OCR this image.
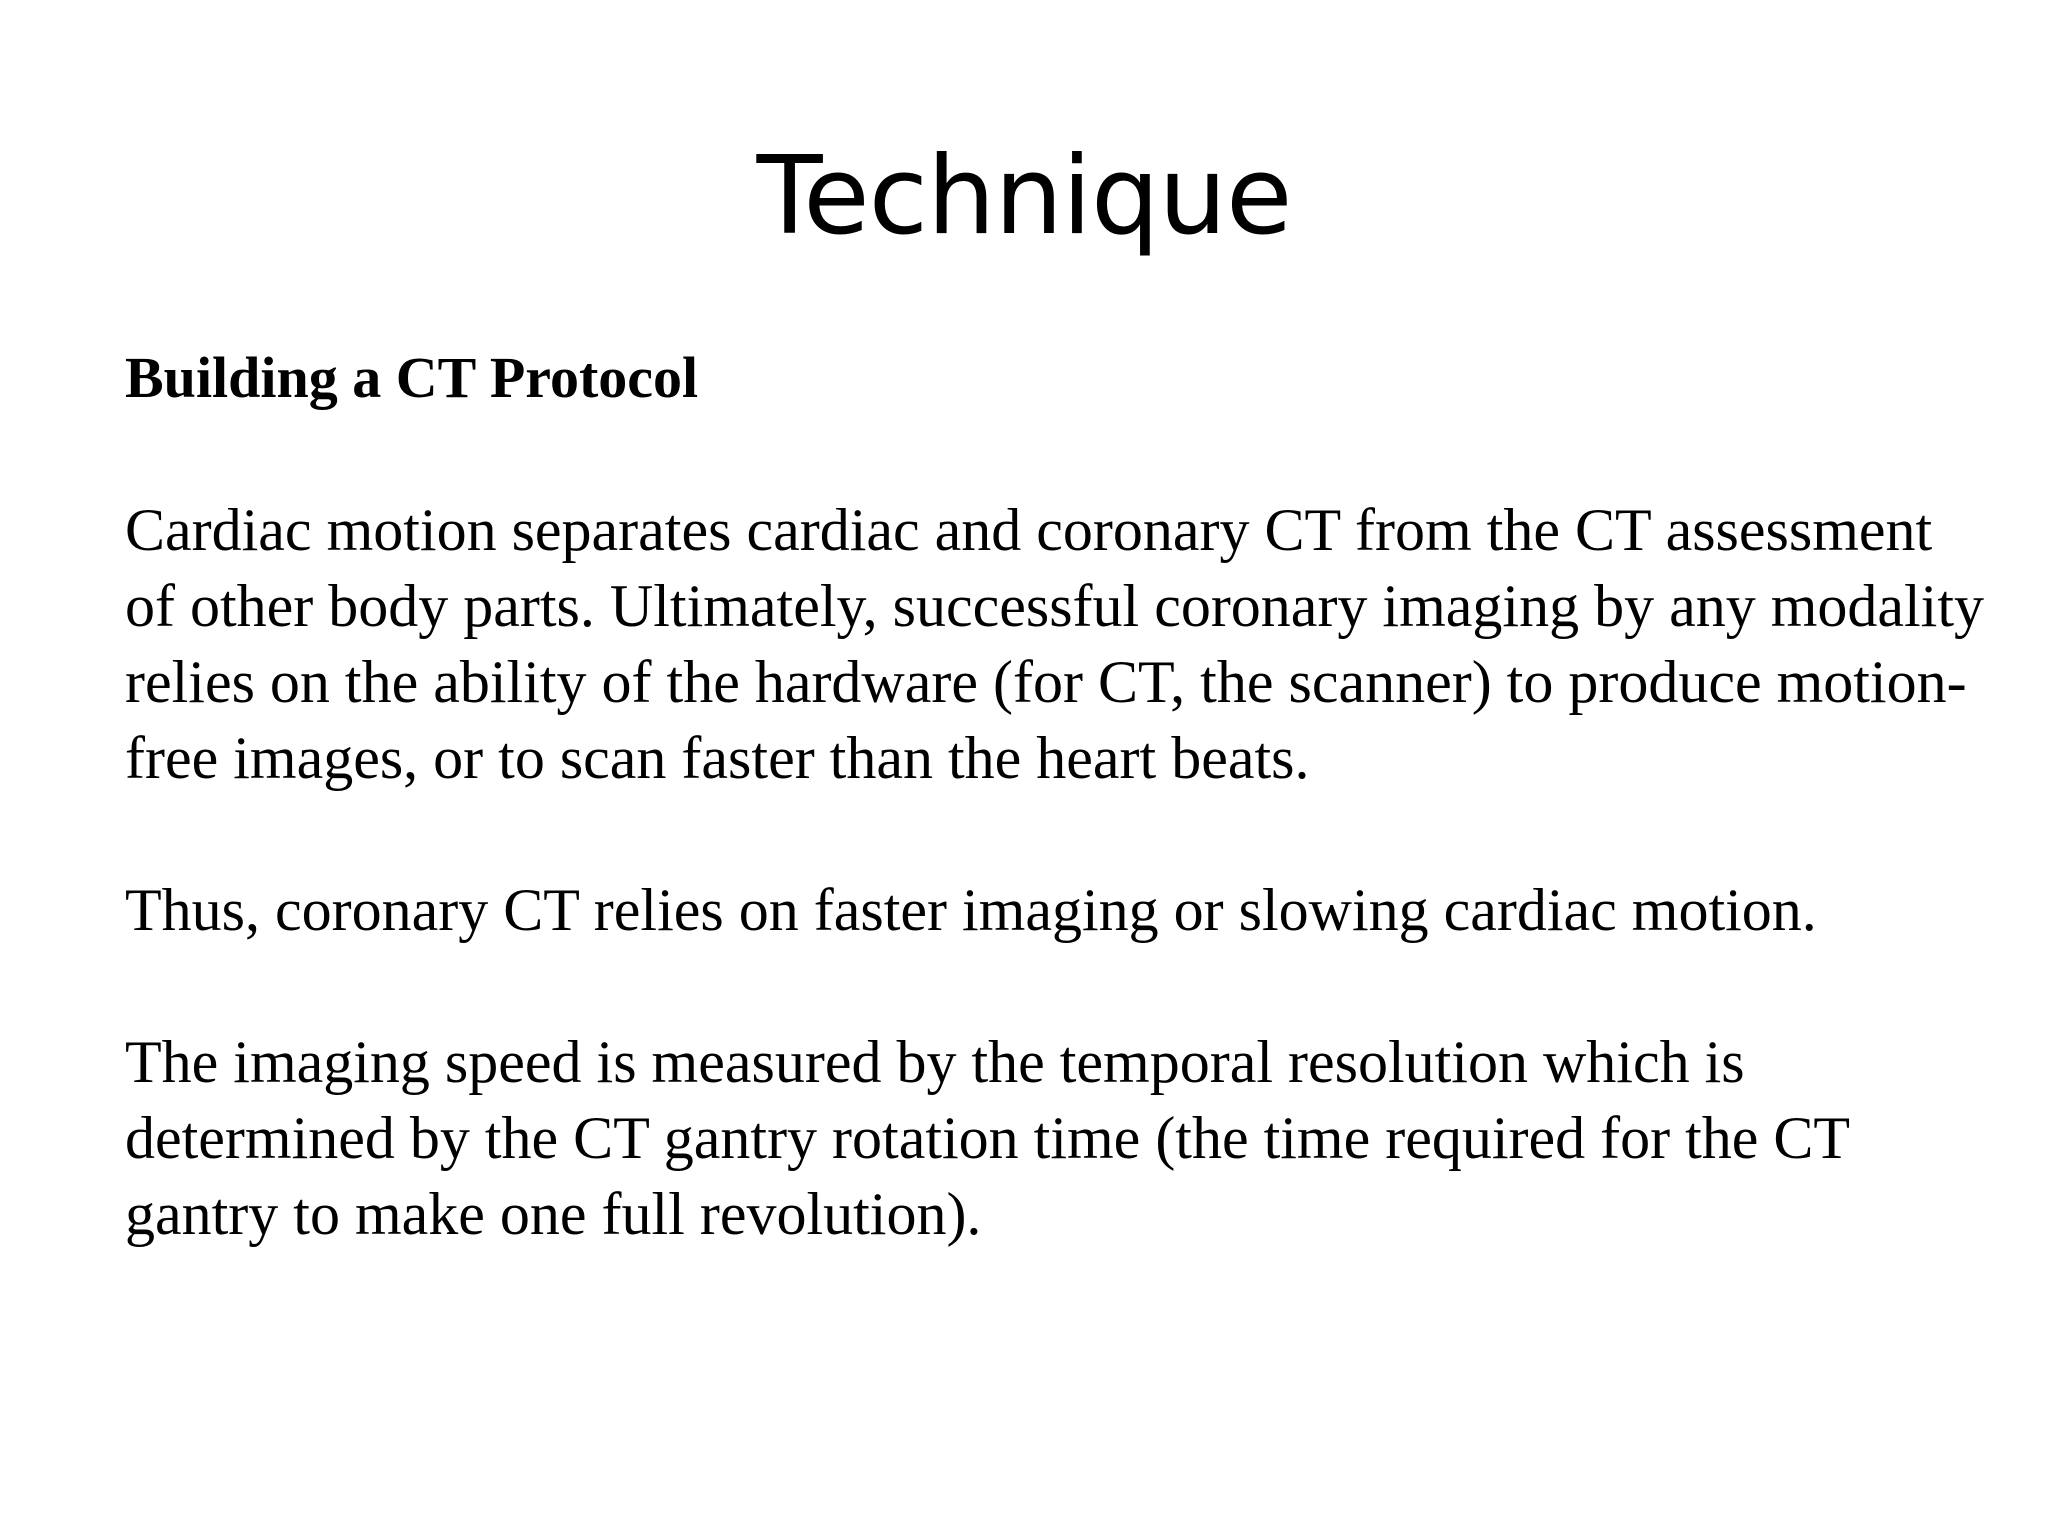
Technique

Building a CT Protocol

Cardiac motion separates cardiac and coronary CT from the CT assessment of other body parts. Ultimately, successful coronary imaging by any modality relies on the ability of the hardware (for CT, the scanner) to produce motion-free images, or to scan faster than the heart beats.

Thus, coronary CT relies on faster imaging or slowing cardiac motion.

The imaging speed is measured by the temporal resolution which is determined by the CT gantry rotation time (the time required for the CT gantry to make one full revolution).
